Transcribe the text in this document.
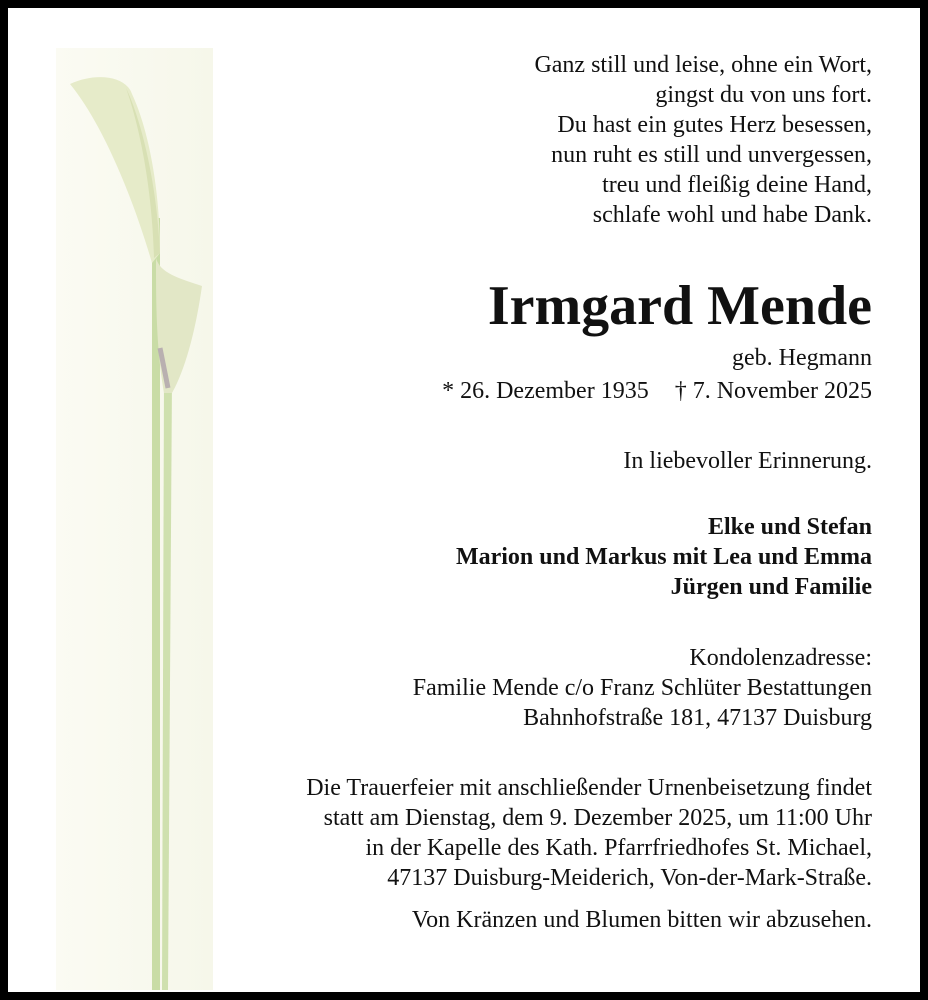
Ganz still und leise, ohne ein Wort,
gingst du von uns fort.
Du hast ein gutes Herz besessen,
nun ruht es still und unvergessen,
treu und fleißig deine Hand,
schlafe wohl und habe Dank.
Irmgard Mende
geb. Hegmann
* 26. Dezember 1935 † 7. November 2025
In liebevoller Erinnerung.
Elke und Stefan
Marion und Markus mit Lea und Emma
Jürgen und Familie
Kondolenzadresse:
Familie Mende c/o Franz Schlüter Bestattungen
Bahnhofstraße 181, 47137 Duisburg
Die Trauerfeier mit anschließender Urnenbeisetzung findet
statt am Dienstag, dem 9. Dezember 2025, um 11:00 Uhr
in der Kapelle des Kath. Pfarrfriedhofes St. Michael,
47137 Duisburg-Meiderich, Von-der-Mark-Straße.
Von Kränzen und Blumen bitten wir abzusehen.
